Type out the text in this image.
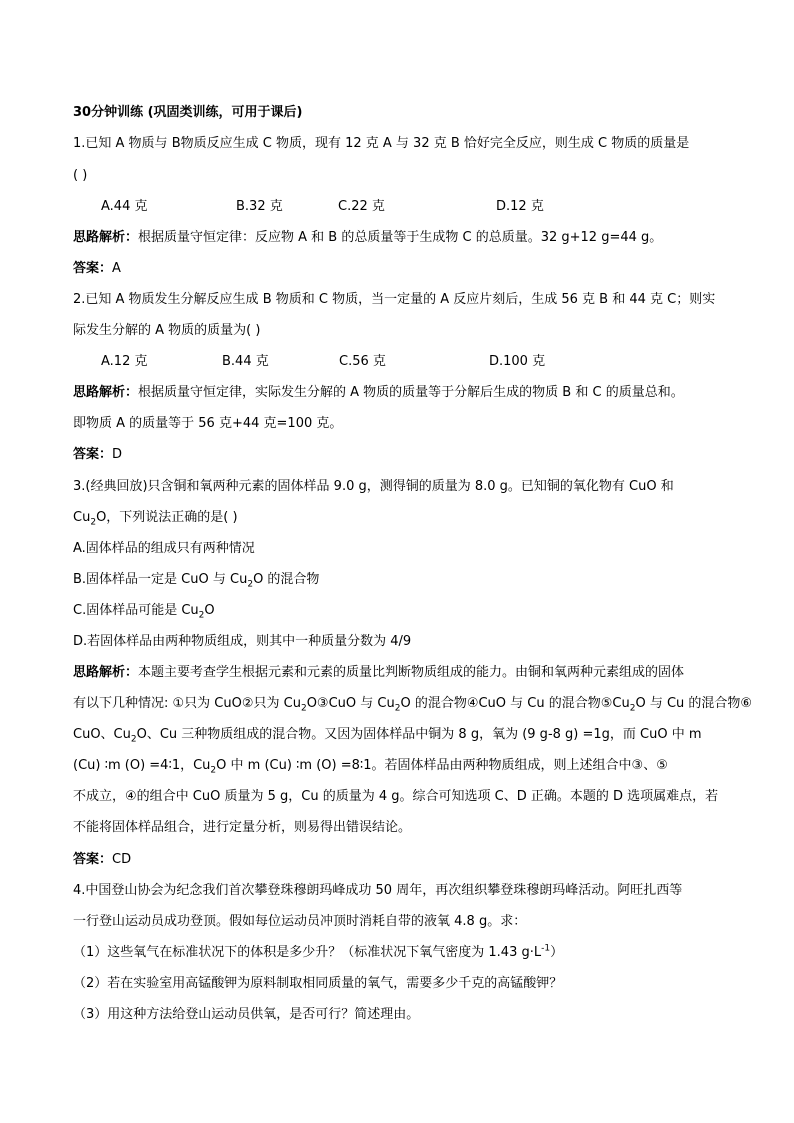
30分钟训练 (巩固类训练，可用于课后)
1.已知 A 物质与 B物质反应生成 C 物质，现有 12 克 A 与 32 克 B 恰好完全反应，则生成 C 物质的质量是
( )
A.44 克	B.32 克	C.22 克	D.12 克
思路解析：根据质量守恒定律：反应物 A 和 B 的总质量等于生成物 C 的总质量。32 g+12 g=44 g。
答案：A
2.已知 A 物质发生分解反应生成 B 物质和 C 物质，当一定量的 A 反应片刻后，生成 56 克 B 和 44 克 C；则实
际发生分解的 A 物质的质量为( )
A.12 克	B.44 克	C.56 克	D.100 克
思路解析：根据质量守恒定律，实际发生分解的 A 物质的质量等于分解后生成的物质 B 和 C 的质量总和。
即物质 A 的质量等于 56 克+44 克=100 克。
答案：D
3.(经典回放)只含铜和氧两种元素的固体样品 9.0 g，测得铜的质量为 8.0 g。已知铜的氧化物有 CuO 和
$Cu_2O$，下列说法正确的是( )
A.固体样品的组成只有两种情况
B.固体样品一定是 CuO 与 $Cu_2O$ 的混合物
C.固体样品可能是 $Cu_2O$
D.若固体样品由两种物质组成，则其中一种质量分数为 4/9
思路解析：本题主要考查学生根据元素和元素的质量比判断物质组成的能力。由铜和氧两种元素组成的固体
有以下几种情况: ①只为 CuO②只为 $Cu_2O③CuO$ 与 $Cu_2O$ 的混合物④CuO 与 Cu 的混合物$⑤Cu_2O$ 与 Cu 的混合物⑥
CuO、$Cu_2O$、Cu 三种物质组成的混合物。又因为固体样品中铜为 8 g，氧为 (9 g-8 g) =1g，而 CuO 中 m
(Cu) ∶m (O) =4∶1，$Cu_2O$ 中 m (Cu) ∶m (O) =8∶1。若固体样品由两种物质组成，则上述组合中③、⑤
不成立，④的组合中 CuO 质量为 5 g，Cu 的质量为 4 g。综合可知选项 C、D 正确。本题的 D 选项属难点，若
不能将固体样品组合，进行定量分析，则易得出错误结论。
答案：CD
4.中国登山协会为纪念我们首次攀登珠穆朗玛峰成功 50 周年，再次组织攀登珠穆朗玛峰活动。阿旺扎西等
一行登山运动员成功登顶。假如每位运动员冲顶时消耗自带的液氧 4.8 g。求：
（1）这些氧气在标准状况下的体积是多少升？（标准状况下氧气密度为 1.43 $g\cdot L^{-1}$）
（2）若在实验室用高锰酸钾为原料制取相同质量的氧气，需要多少千克的高锰酸钾？
（3）用这种方法给登山运动员供氧，是否可行？简述理由。
